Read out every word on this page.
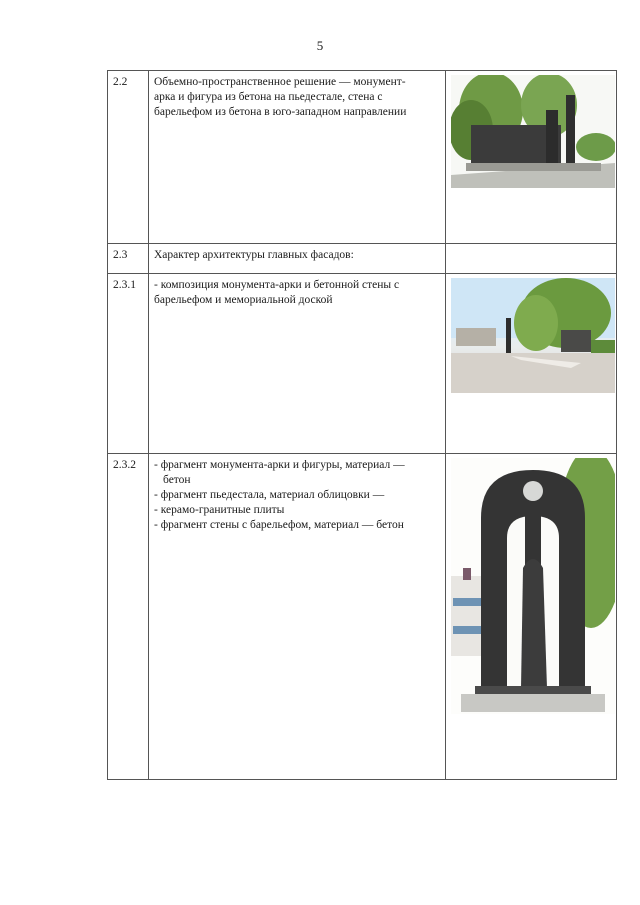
5
2.2	Объемно-пространственное решение — монумент-
арка и фигура из бетона на пьедестале, стена с
барельефом из бетона в юго-западном направлении

2.3	Характер архитектуры главных фасадов:	

2.3.1	- композиция монумента-арки и бетонной стены с
барельефом и мемориальной доской

2.3.2	- фрагмент монумента-арки и фигуры, материал —
бетон
- фрагмент пьедестала, материал облицовки —
- керамо-гранитные плиты
- фрагмент стены с барельефом, материал — бетон
